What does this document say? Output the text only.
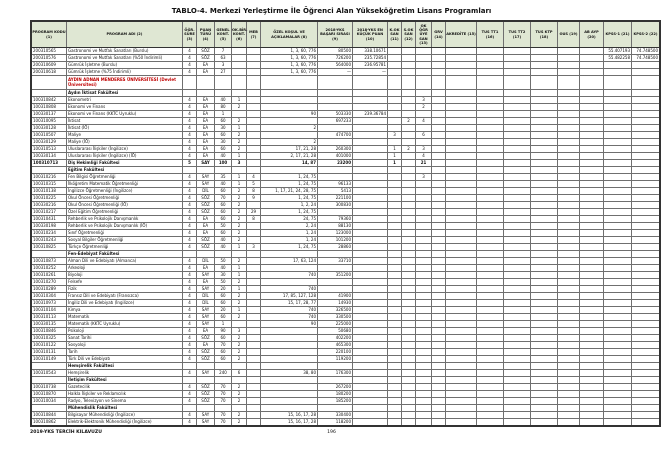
TABLO-4. Merkezi Yerleştirme İle Öğrenci Alan Yükseköğretim Lisans Programları
PROGRAM KODU (1)	PROGRAM ADI (2)	ÖĞR. SÜRE (3)	PUAN TÜRÜ (4)	GENEL KONT. (5)	OK.BİR. KONT. (6)	MEB (7)	ÖZEL KOŞUL VE AÇIKLAMALAR (8)	2018-YKS BAŞARI SIRASI (9)	2018-YKS EN KÜÇÜK PUAN (10)	K.OK SAN (11)	S.OK SAN (12)	OK ÖĞR ÜYE SAN (13)	GRV (14)	AKREDİTE (15)	TUS TT1 (16)	TUS TT2 (17)	TUS KTP (18)	OUS (19)	AB AYP (20)	KPSS-1 (21)	KPSS-2 (22)
200310565	Gastronomi ve Mutfak Sanatları (Burslu)	4	SÖZ	7			1, 3, 60, 776	80500	338.10671											55.407193	74.748500
200310576	Gastronomi ve Mutfak Sanatları (%50 İndirimli)	4	SÖZ	63			1, 3, 60, 776	726200	235.72854											55.482258	74.748500
200310609	Gümrük İşletme (Burslu)	4	EA	3			1, 3, 60, 776	564000	236.95781												
200310618	Gümrük İşletme (%75 İndirimli)	4	EA	27			1, 3, 60, 776	—	—												
	AYDIN ADNAN MENDERES ÜNİVERSİTESİ (Devlet Üniversitesi)																				
	Aydın İktisat Fakültesi																				
100310842	Ekonometri	4	EA	40	1							3									
100310808	Ekonomi ve Finans	4	EA	80	2							2									
100330137	Ekonomi ve Finans (KKTC Uyruklu)	4	EA	1			90	503330	239.36784												
100310095	İktisat	4	EA	60	2			697233			2	4									
100330128	İktisat (İÖ)	4	EA	30	1		2														
100310507	Maliye	4	EA	60	2			474700		3		6									
100330129	Maliye (İÖ)	4	EA	30	2		2														
100310513	Uluslararası İlişkiler (İngilizce)	4	EA	60	2		17, 21, 28	260300		1	2	3									
100330134	Uluslararası İlişkiler (İngilizce) (İÖ)	4	EA	40	1		2, 17, 21, 28	401000		1		4									
100310713	Diş Hekimliği Fakültesi	5	SAY	100	3		14, 87	23200		1		21									
	Eğitim Fakültesi																				
100310216	Fen Bilgisi Öğretmenliği	4	SAY	35	1	4	1, 24, 75					3									
100310315	İlköğretim Matematik Öğretmenliği	4	SAY	40	1	5	1, 24, 75	96133													
100310138	İngilizce Öğretmenliği (İngilizce)	4	DİL	60	2	8	1, 17, 21, 24, 28, 75	5413													
100310225	Okul Öncesi Öğretmenliği	4	SÖZ	70	2	9	1, 24, 75	221100													
100330216	Okul Öncesi Öğretmenliği (İÖ)	4	SÖZ	60	2		1, 2, 24	300830													
100310217	Özel Eğitim Öğretmenliği	4	SÖZ	60	2	29	1, 24, 75														
100310431	Rehberlik ve Psikolojik Danışmanlık	4	EA	60	2	8	24, 75	79360													
100330198	Rehberlik ve Psikolojik Danışmanlık (İÖ)	4	EA	50	2		2, 24	88130													
100310234	Sınıf Öğretmenliği	4	EA	60	2		1, 24	123000													
100310243	Sosyal Bilgiler Öğretmenliği	4	SÖZ	40	2		1, 24	101200													
100310825	Türkçe Öğretmenliği	4	SÖZ	40	1	3	1, 24, 75	28860													
	Fen-Edebiyat Fakültesi																				
100310873	Alman Dili ve Edebiyatı (Almanca)	4	DİL	50	2		17, 63, 124	33710													
100310252	Arkeoloji	4	EA	40	1																
100310261	Biyoloji	4	SAY	30	1		740	351200													
100310270	Felsefe	4	EA	50	2																
100310289	Fizik	4	SAY	20	1		740														
100310304	Fransız Dili ve Edebiyatı (Fransızca)	4	DİL	60	2		17, 85, 127, 128	41900													
100310973	İngiliz Dili ve Edebiyatı (İngilizce)	4	DİL	60	2		15, 17, 28, 77	14930													
100310104	Kimya	4	SAY	20	1		740	326500													
100310113	Matematik	4	SAY	60	2		740	330500													
100330135	Matematik (KKTC Uyruklu)	4	SAY	1			90	225000													
100310846	Psikoloji	4	EA	90	3			50680													
100310325	Sanat Tarihi	4	SÖZ	60	2			402200													
100310122	Sosyoloji	4	EA	70	2			465300													
100310131	Tarih	4	SÖZ	60	2			220100													
100310149	Türk Dili ve Edebiyatı	4	SÖZ	60	2			119200													
	Hemşirelik Fakültesi																				
100310543	Hemşirelik	4	SAY	240	6		38, 80	176300													
	İletişim Fakültesi																				
100310738	Gazetecilik	4	SÖZ	70	2			267200													
100310870	Halkla İlişkiler ve Reklamcılık	4	SÖZ	70	2			180200													
100310034	Radyo, Televizyon ve Sinema	4	SÖZ	70	2			185200													
	Mühendislik Fakültesi																				
100310844	Bilgisayar Mühendisliği (İngilizce)	4	SAY	70	2		15, 16, 17, 28	330400													
100310862	Elektrik-Elektronik Mühendisliği (İngilizce)	4	SAY	70	2		15, 16, 17, 28	118200													
2019-YKS TERCİH KILAVUZU	196
